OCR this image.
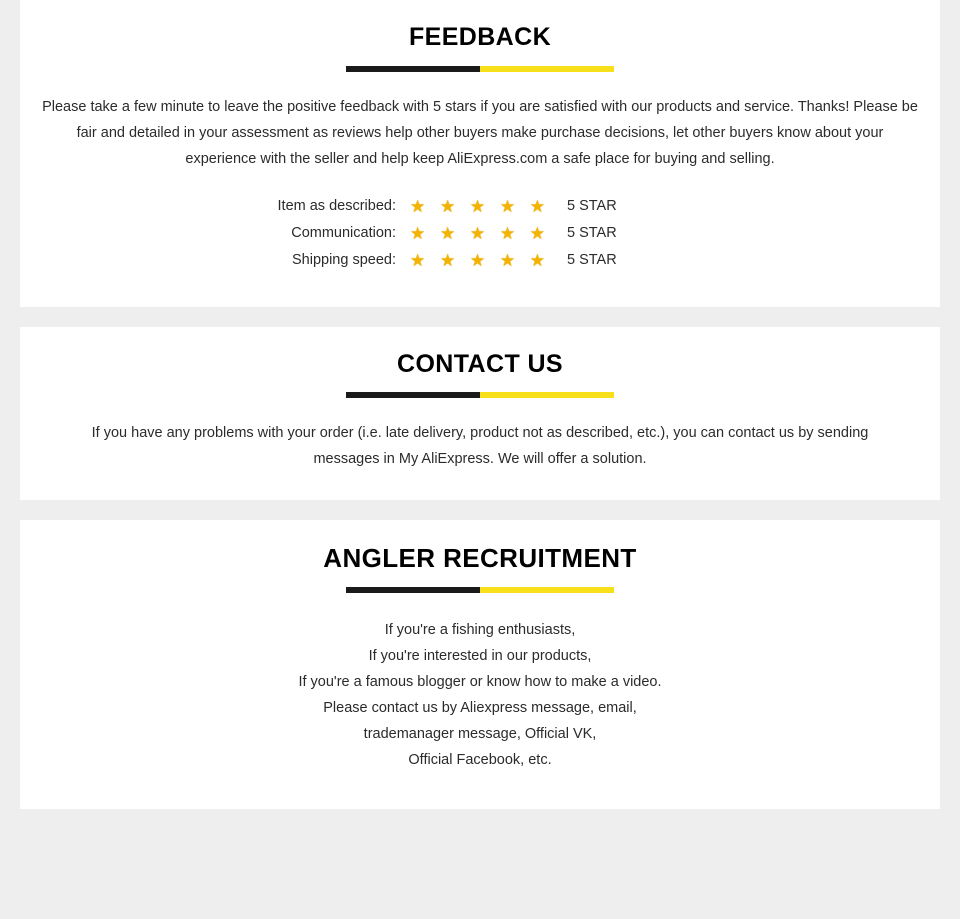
FEEDBACK

Please take a few minute to leave the positive feedback with 5 stars if you are satisfied with our products and service. Thanks! Please be fair and detailed in your assessment as reviews help other buyers make purchase decisions, let other buyers know about your experience with the seller and help keep AliExpress.com a safe place for buying and selling.

Item as described: ★ ★ ★ ★ ★	5 STAR
Communication: ★ ★ ★ ★ ★	5 STAR
Shipping speed: ★ ★ ★ ★ ★	5 STAR
CONTACT US

If you have any problems with your order (i.e. late delivery, product not as described, etc.), you can contact us by sending messages in My AliExpress. We will offer a solution.

ANGLER RECRUITMENT
If you're a fishing enthusiasts,
If you're interested in our products,
If you're a famous blogger or know how to make a video.
Please contact us by Aliexpress message, email,
trademanager message, Official VK,
Official Facebook, etc.
